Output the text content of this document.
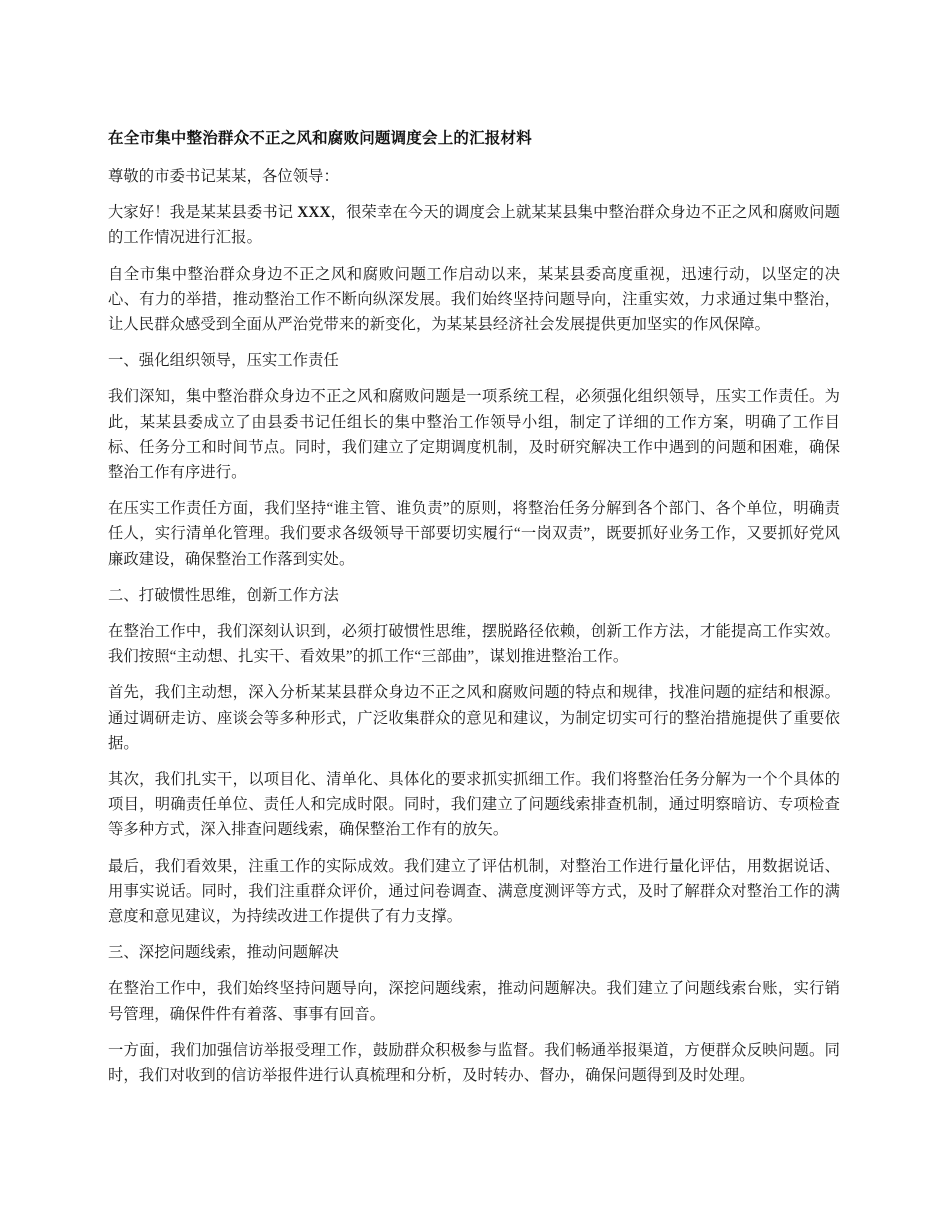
在全市集中整治群众不正之风和腐败问题调度会上的汇报材料

尊敬的市委书记某某，各位领导：

大家好！我是某某县委书记 XXX，很荣幸在今天的调度会上就某某县集中整治群众身边不正之风和腐败问题的工作情况进行汇报。

自全市集中整治群众身边不正之风和腐败问题工作启动以来，某某县委高度重视，迅速行动，以坚定的决心、有力的举措，推动整治工作不断向纵深发展。我们始终坚持问题导向，注重实效，力求通过集中整治，让人民群众感受到全面从严治党带来的新变化，为某某县经济社会发展提供更加坚实的作风保障。

一、强化组织领导，压实工作责任

我们深知，集中整治群众身边不正之风和腐败问题是一项系统工程，必须强化组织领导，压实工作责任。为此，某某县委成立了由县委书记任组长的集中整治工作领导小组，制定了详细的工作方案，明确了工作目标、任务分工和时间节点。同时，我们建立了定期调度机制，及时研究解决工作中遇到的问题和困难，确保整治工作有序进行。

在压实工作责任方面，我们坚持“谁主管、谁负责”的原则，将整治任务分解到各个部门、各个单位，明确责任人，实行清单化管理。我们要求各级领导干部要切实履行“一岗双责”，既要抓好业务工作，又要抓好党风廉政建设，确保整治工作落到实处。

二、打破惯性思维，创新工作方法

在整治工作中，我们深刻认识到，必须打破惯性思维，摆脱路径依赖，创新工作方法，才能提高工作实效。我们按照“主动想、扎实干、看效果”的抓工作“三部曲”，谋划推进整治工作。

首先，我们主动想，深入分析某某县群众身边不正之风和腐败问题的特点和规律，找准问题的症结和根源。通过调研走访、座谈会等多种形式，广泛收集群众的意见和建议，为制定切实可行的整治措施提供了重要依据。

其次，我们扎实干，以项目化、清单化、具体化的要求抓实抓细工作。我们将整治任务分解为一个个具体的项目，明确责任单位、责任人和完成时限。同时，我们建立了问题线索排查机制，通过明察暗访、专项检查等多种方式，深入排查问题线索，确保整治工作有的放矢。

最后，我们看效果，注重工作的实际成效。我们建立了评估机制，对整治工作进行量化评估，用数据说话、用事实说话。同时，我们注重群众评价，通过问卷调查、满意度测评等方式，及时了解群众对整治工作的满意度和意见建议，为持续改进工作提供了有力支撑。

三、深挖问题线索，推动问题解决

在整治工作中，我们始终坚持问题导向，深挖问题线索，推动问题解决。我们建立了问题线索台账，实行销号管理，确保件件有着落、事事有回音。

一方面，我们加强信访举报受理工作，鼓励群众积极参与监督。我们畅通举报渠道，方便群众反映问题。同时，我们对收到的信访举报件进行认真梳理和分析，及时转办、督办，确保问题得到及时处理。
